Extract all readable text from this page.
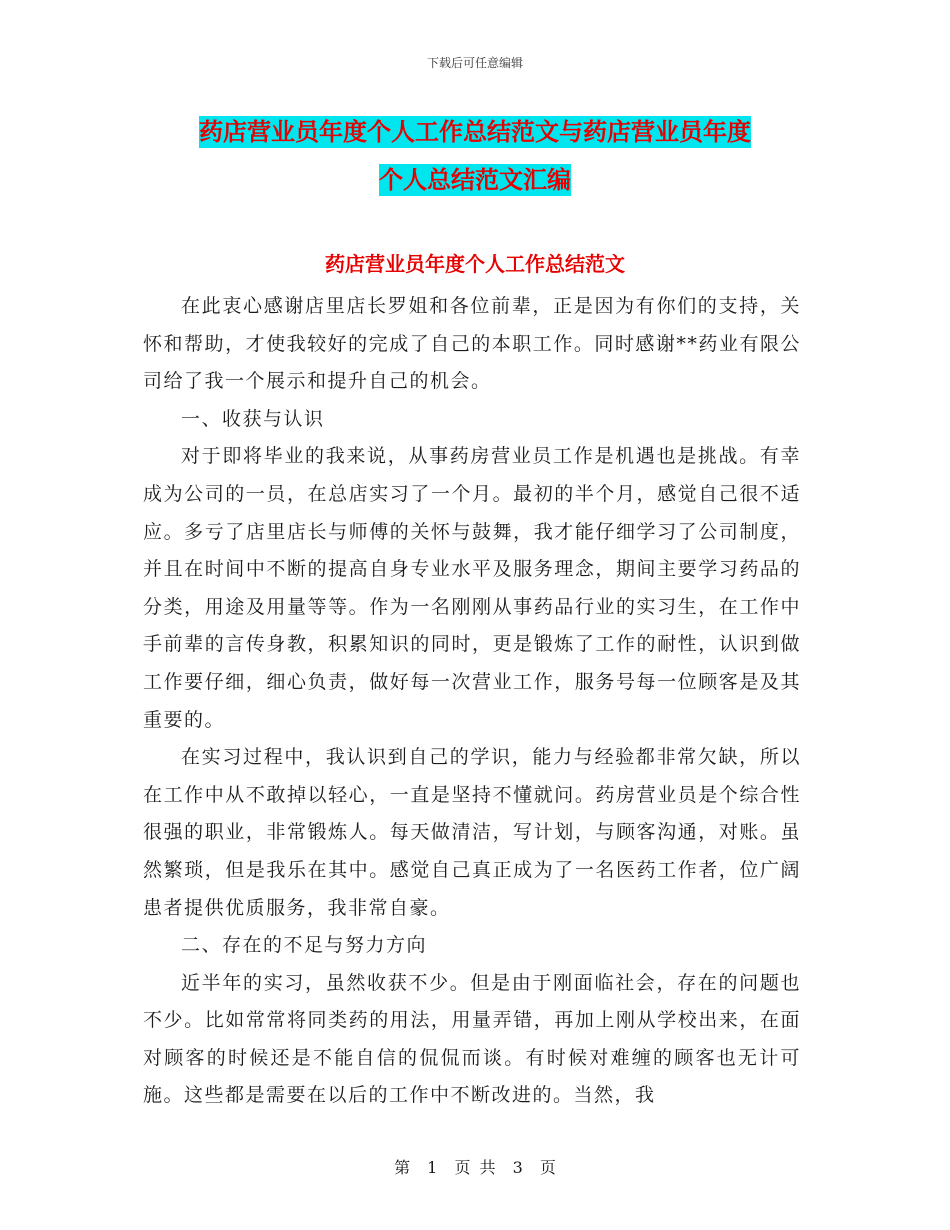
下载后可任意编辑
药店营业员年度个人工作总结范文与药店营业员年度
个人总结范文汇编
药店营业员年度个人工作总结范文

在此衷心感谢店里店长罗姐和各位前辈，正是因为有你们的支持，关怀和帮助，才使我较好的完成了自己的本职工作。同时感谢**药业有限公司给了我一个展示和提升自己的机会。

一、收获与认识

对于即将毕业的我来说，从事药房营业员工作是机遇也是挑战。有幸成为公司的一员，在总店实习了一个月。最初的半个月，感觉自己很不适应。多亏了店里店长与师傅的关怀与鼓舞，我才能仔细学习了公司制度，并且在时间中不断的提高自身专业水平及服务理念，期间主要学习药品的分类，用途及用量等等。作为一名刚刚从事药品行业的实习生，在工作中手前辈的言传身教，积累知识的同时，更是锻炼了工作的耐性，认识到做工作要仔细，细心负责，做好每一次营业工作，服务号每一位顾客是及其重要的。

在实习过程中，我认识到自己的学识，能力与经验都非常欠缺，所以在工作中从不敢掉以轻心，一直是坚持不懂就问。药房营业员是个综合性很强的职业，非常锻炼人。每天做清洁，写计划，与顾客沟通，对账。虽然繁琐，但是我乐在其中。感觉自己真正成为了一名医药工作者，位广阔患者提供优质服务，我非常自豪。

二、存在的不足与努力方向

近半年的实习，虽然收获不少。但是由于刚面临社会，存在的问题也不少。比如常常将同类药的用法，用量弄错，再加上刚从学校出来，在面对顾客的时候还是不能自信的侃侃而谈。有时候对难缠的顾客也无计可施。这些都是需要在以后的工作中不断改进的。当然，我

第 1 页 共 3 页
